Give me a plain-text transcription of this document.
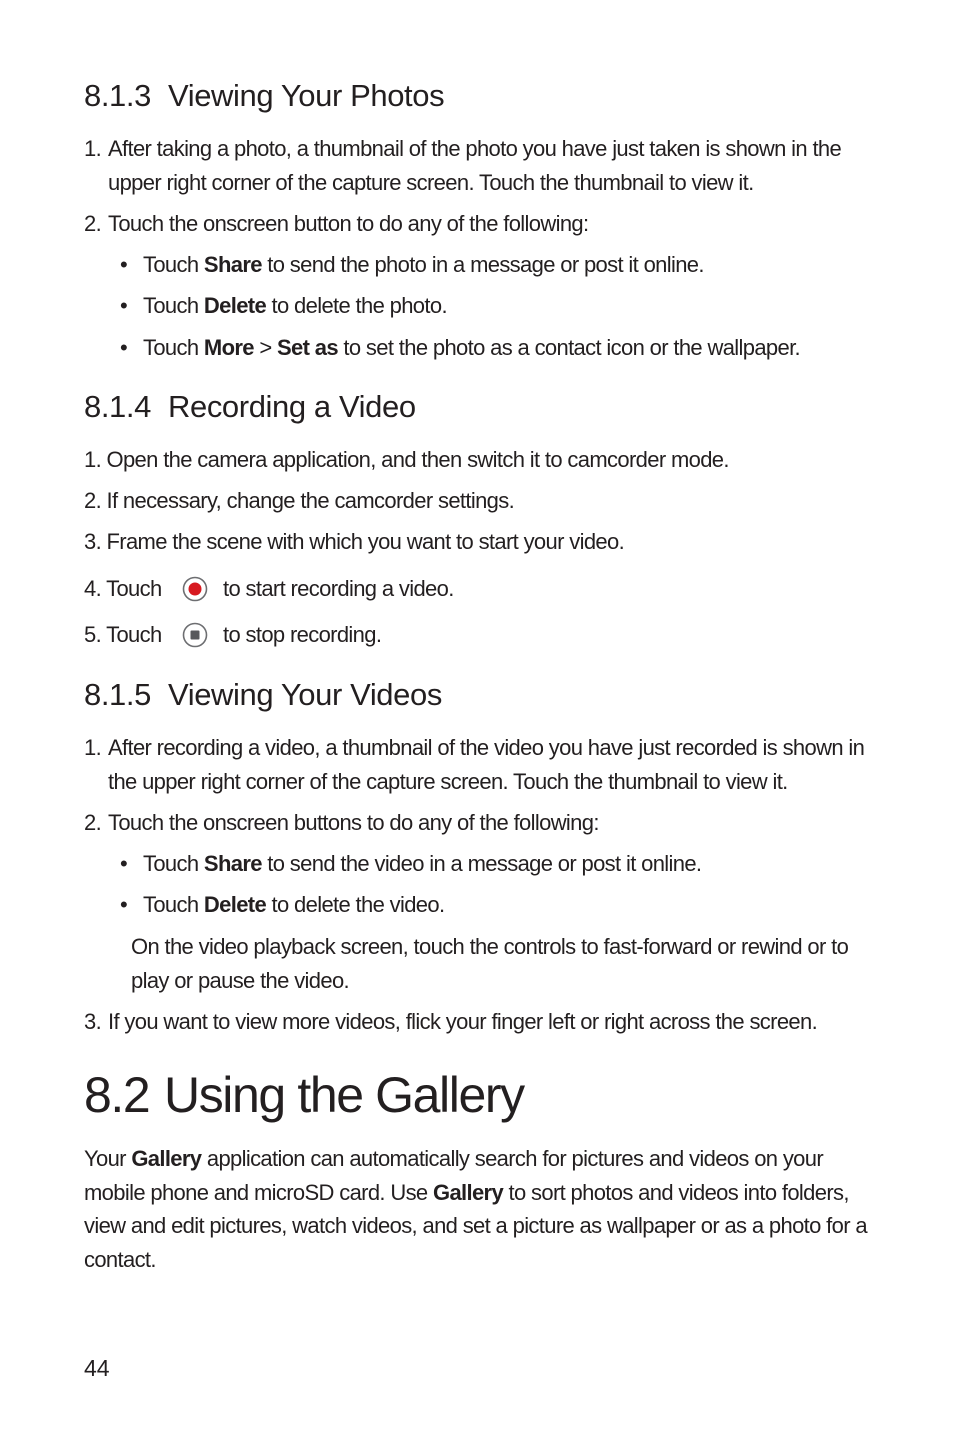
8.1.3 Viewing Your Photos
1. After taking a photo, a thumbnail of the photo you have just taken is shown in the upper right corner of the capture screen. Touch the thumbnail to view it.
2. Touch the onscreen button to do any of the following:
• Touch Share to send the photo in a message or post it online.
• Touch Delete to delete the photo.
• Touch More > Set as to set the photo as a contact icon or the wallpaper.
8.1.4 Recording a Video
1. Open the camera application, and then switch it to camcorder mode.
2. If necessary, change the camcorder settings.
3. Frame the scene with which you want to start your video.
4. Touch	to start recording a video.
5. Touch	to stop recording.
8.1.5 Viewing Your Videos
1. After recording a video, a thumbnail of the video you have just recorded is shown in the upper right corner of the capture screen. Touch the thumbnail to view it.
2. Touch the onscreen buttons to do any of the following:
• Touch Share to send the video in a message or post it online.
• Touch Delete to delete the video.
On the video playback screen, touch the controls to fast-forward or rewind or to play or pause the video.
3. If you want to view more videos, flick your finger left or right across the screen.
8.2 Using the Gallery
Your Gallery application can automatically search for pictures and videos on your mobile phone and microSD card. Use Gallery to sort photos and videos into folders, view and edit pictures, watch videos, and set a picture as wallpaper or as a photo for a contact.
44
